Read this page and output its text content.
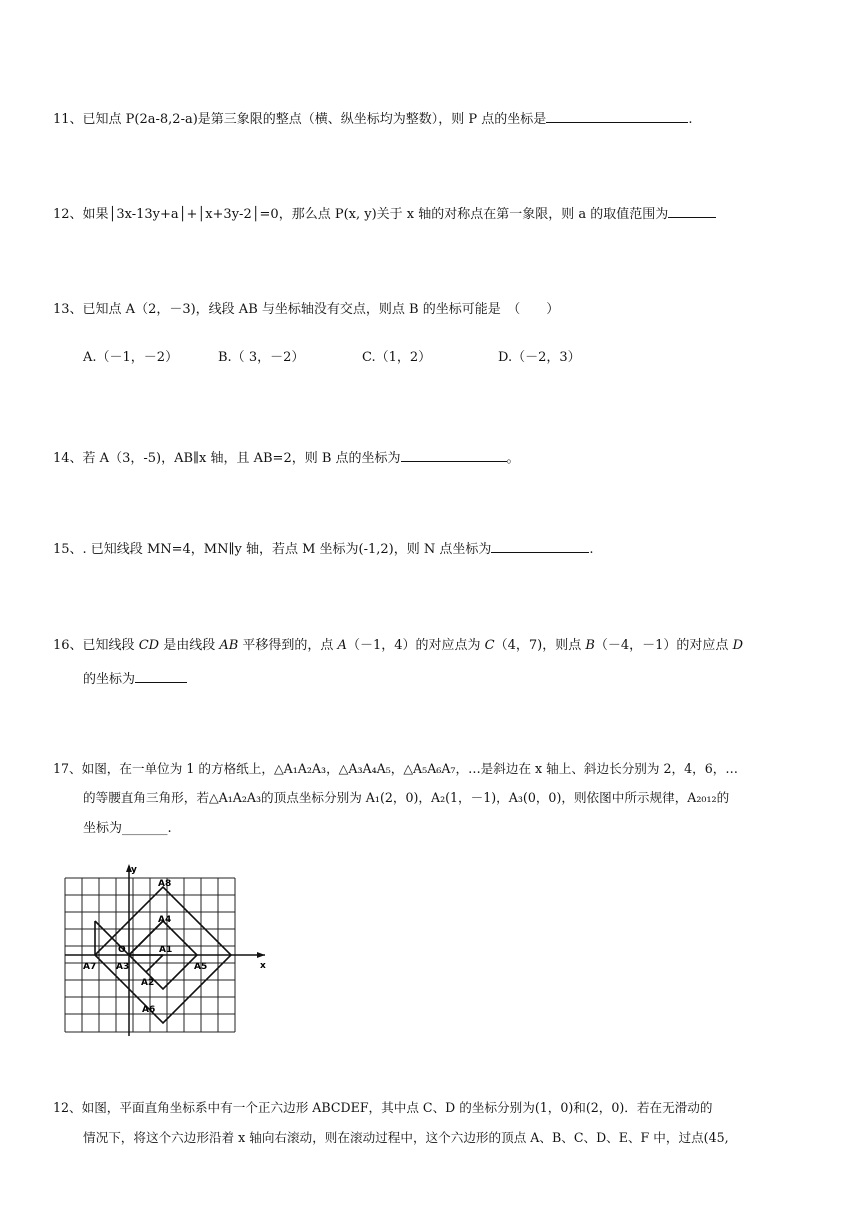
11、已知点 P(2a-8,2-a)是第三象限的整点（横、纵坐标均为整数），则 P 点的坐标是	.
12、如果│3x-13y+a│+│x+3y-2│=0，那么点 P(x, y)关于 x 轴的对称点在第一象限，则 a 的取值范围为
13、已知点 A（2，－3)，线段 AB 与坐标轴没有交点，则点 B 的坐标可能是　（　　）
A.（－1，－2）	B.（ 3，－2）	C.（1，2）	D.（－2，3）
14、若 A（3，-5)，AB∥x 轴，且 AB=2，则 B 点的坐标为	。
15、. 已知线段 MN=4，MN∥y 轴，若点 M 坐标为(-1,2)，则 N 点坐标为	.
16、已知线段 CD 是由线段 AB 平移得到的，点 A（－1，4）的对应点为 C（4，7)，则点 B（－4，－1）的对应点 D
的坐标为
17、如图，在一单位为 1 的方格纸上，△A₁A₂A₃，△A₃A₄A₅，△A₅A₆A₇，…是斜边在 x 轴上、斜边长分别为 2，4，6，…
的等腰直角三角形，若△A₁A₂A₃的顶点坐标分别为 A₁(2，0)，A₂(1，－1)，A₃(0，0)，则依图中所示规律，A₂₀₁₂的
坐标为_______.
y
x
O
A8
A4
A1
A3
A2
A7	A5
A6
12、如图，平面直角坐标系中有一个正六边形 ABCDEF，其中点 C、D 的坐标分别为(1，0)和(2，0)．若在无滑动的
情况下，将这个六边形沿着 x 轴向右滚动，则在滚动过程中，这个六边形的顶点 A、B、C、D、E、F 中，过点(45,
